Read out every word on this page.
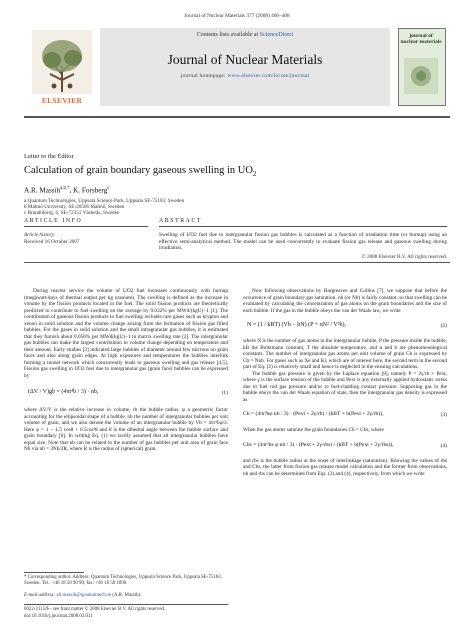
Journal of Nuclear Materials 377 (2008) 406–408
Contents lists available at ScienceDirect
Journal of Nuclear Materials
journal homepage: www.elsevier.com/locate/jnucmat
ELSEVIER
journal of nuclear materials
Letter to the Editor
Calculation of grain boundary gaseous swelling in $UO_2$
A.R. Massih$^{a,b,*}$, K. Forsberg$^c$
a Quantum Technologies, Uppsala Science Park, Uppsala SE-75183, Sweden
b Malmö University, SE-20506 Malmö, Sweden
c Brandtdörrg, 6, SE-72351 Västerås, Sweden
ARTICLE INFO	ABSTRACT
Article history:
Received 16 October 2007
Swelling of UO2 fuel due to intergranular fission gas bubbles is calculated as a function of irradiation time (or burnup) using an effective semi-analytical method. The model can be used concurrently to evaluate fission gas release and gaseous swelling during irradiation.
© 2008 Elsevier B.V. All rights reserved.

During reactor service the volume of UO2 fuel increases continuously with burnup (megawatt-days of thermal output per kg uranium). The swelling is defined as the increase in volume by the fission products located in the fuel. The solid fission products are theoretically predicted to contribute to fuel swelling on the average by 0.032% per MWd/(kgU)−1 [1]. The contribution of gaseous fission products to fuel swelling includes rare gases such as krypton and xenon in solid solution and the volume change arising from the formation of fission gas filled bubbles. For the gases in solid solution and the small intragranular gas bubbles, it is estimated that they furnish about 0.056% per MWd(kgU)−1 to matrix swelling rate [2]. The intergranular gas bubbles can make the largest contribution to volume change depending on temperature and their amount. Early studies [3] indicated large bubbles of diameter around few microns on grain faces and also along grain edges. At high exposures and temperatures the bubbles interlink forming a tunnel network which concurrently leads to gaseous swelling and gas release [4,5]. Fission gas swelling in UO2 fuel due to intergranular gas (grain face) bubbles can be expressed by

(ΔV / V)gb = (4πr³b / 3) · nb,	(1)

where ΔV/V is the relative increase in volume, rb the bubble radius, φ a geometric factor accounting for the ellipsoidal shape of a bubble, nb the number of intergranular bubbles per unit volume of grain, and we also denote the volume of an intergranular bubble by Vb = 4πr³bφ/3. Here φ = 1 − 1.5 cosθ + 0.5cos³θ and θ is the dihedral angle between the bubble surface and grain boundary [6]. In writing Eq. (1) we tacitly assumed that all intergranular bubbles have equal size. Note that nb can be related to the number of gas bubbles per unit area of grain face Nb via nb = 3Nb/2R, where R is the radius of (spherical) grain.

* Corresponding author. Address: Quantum Technologies, Uppsala Science Park, Uppsala SE-75183, Sweden. Tel.: +46 18 50 90 90; fax: +46 18 50 1890.
E-mail address: ali.massih@quantumtech.se (A.R. Massih).
0022-3115/$ - see front matter © 2008 Elsevier B.V. All rights reserved.
doi:10.1016/j.jnucmat.2008.03.011

Now following observations by Hargreaves and Collins [7], we suppose that before the occurrence of grain boundary gas saturation, nb (or Nb) is fairly constant, so that swelling can be evaluated by calculating the concentration of gas atoms on the grain boundaries and the size of each bubble. If the gas in the bubble obeys the van der Waals law, we write

N = (1 / kBT) (Vb − bN) (P + αN² / V²b),	(2)

where N is the number of gas atoms in the intergranular bubble, P the pressure inside the bubble, kB the Boltzmann constant, T the absolute temperature, and α and b are phenomenological constants. The number of intergranular gas atoms per unit volume of grain Cb is expressed by Cb = Nnb. For gases such as Xe and Kr, which are of interest here, the second term in the second part of Eq. (2) is relatively small and hence is neglected in the ensuing calculations.

The bubble gas pressure is given by the Laplace equation [8], namely P = 2γ/rb + Pext, where γ is the surface tension of the bubble and Pext is any externally applied hydrostatic stress due to fuel rod gas pressure and/or to fuel-cladding contact pressure. Supposing gas in the bubble obeys the van der Waals equation of state, then the intergranular gas density is expressed as

Cb = (4πr³bφ nb / 3) · (Pext + 2γ/rb) / (kBT + b(Pext + 2γ/rb)),	(3)

When the gas atoms saturate the grain boundaries Cb = Cbs, where

Cbs = (4πr³bs φ nb / 3) · (Pext + 2γ/rbs) / (kBT + b(Pext + 2γ/rbs)),	(4)

and rbs is the bubble radius at the onset of interlinkage (saturation). Knowing the values of rbs and Cbs, the latter from fission gas release model calculation and the former from observations, nb and rbs can be determined from Eqs. (3) and (4), respectively, from which we write
